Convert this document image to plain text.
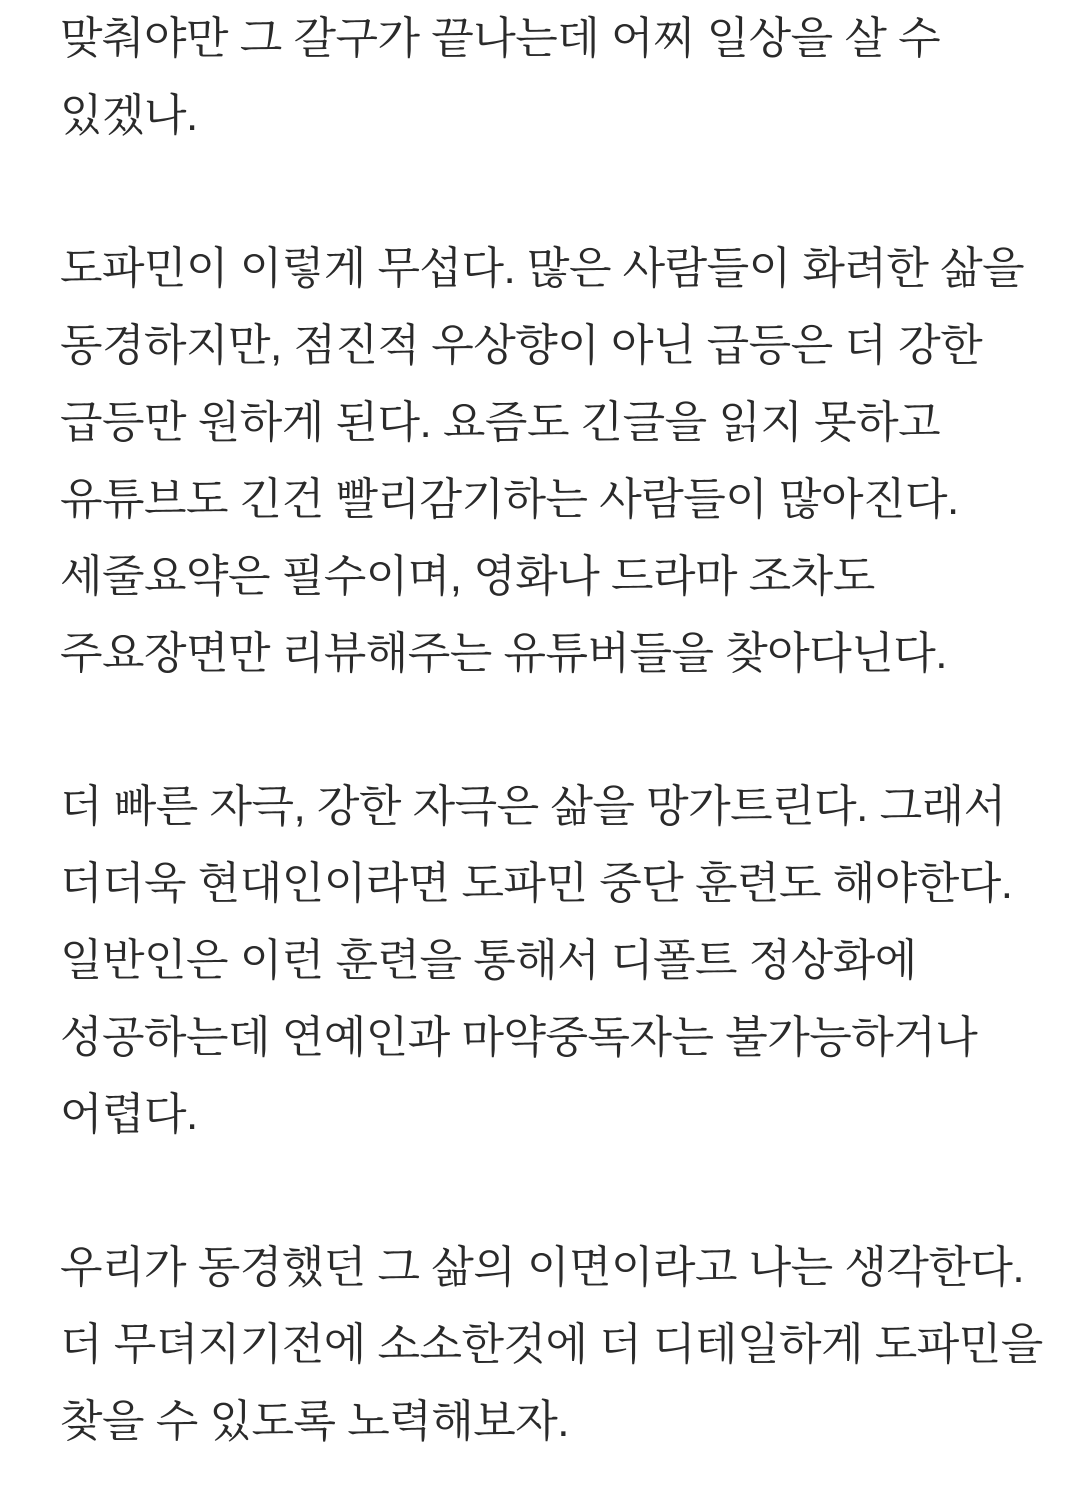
맞춰야만 그 갈구가 끝나는데 어찌 일상을 살 수
있겠나.

도파민이 이렇게 무섭다. 많은 사람들이 화려한 삶을
동경하지만, 점진적 우상향이 아닌 급등은 더 강한
급등만 원하게 된다. 요즘도 긴글을 읽지 못하고
유튜브도 긴건 빨리감기하는 사람들이 많아진다.
세줄요약은 필수이며, 영화나 드라마 조차도
주요장면만 리뷰해주는 유튜버들을 찾아다닌다.

더 빠른 자극, 강한 자극은 삶을 망가트린다. 그래서
더더욱 현대인이라면 도파민 중단 훈련도 해야한다.
일반인은 이런 훈련을 통해서 디폴트 정상화에
성공하는데 연예인과 마약중독자는 불가능하거나
어렵다.

우리가 동경했던 그 삶의 이면이라고 나는 생각한다.
더 무뎌지기전에 소소한것에 더 디테일하게 도파민을
찾을 수 있도록 노력해보자.
